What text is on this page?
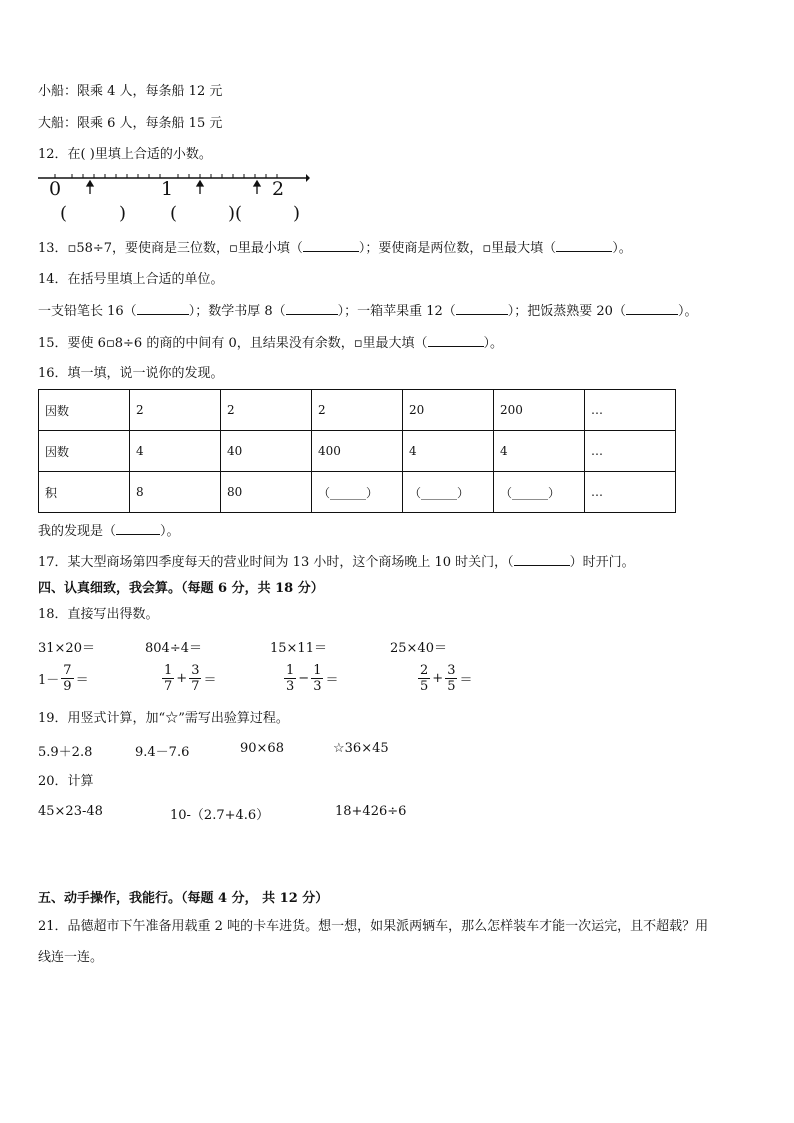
小船：限乘 4 人，每条船 12 元
大船：限乘 6 人，每条船 15 元
12．在( )里填上合适的小数。
0	1	2
(	) (	)(	)
13．▫58÷7，要使商是三位数，▫里最小填（	）；要使商是两位数，▫里最大填（	）。
14．在括号里填上合适的单位。
一支铅笔长 16（	）；数学书厚 8（	）；一箱苹果重 12（	）；把饭蒸熟要 20（	）。
15．要使 6▫8÷6 的商的中间有 0，且结果没有余数，▫里最大填（	）。
16．填一填，说一说你的发现。
因数	2	2	2	20	200	…
因数	4	40	400	4	4	…
积	8	80	（______）	（______）	（______）	…
我的发现是（	）。
17．某大型商场第四季度每天的营业时间为 13 小时，这个商场晚上 10 时关门，（	）时开门。
四、认真细致，我会算。（每题 6 分，共 18 分）
18．直接写出得数。
31×20＝	804÷4＝	15×11＝	25×40＝
$1- \frac{7}{9}$ ＝	$\frac{1}{7} + \frac{3}{7}$ ＝	$\frac{1}{3} - \frac{1}{3}$ ＝	$\frac{2}{5} + \frac{3}{5}$ ＝
19．用竖式计算，加“☆”需写出验算过程。
5.9＋2.8	9.4－7.6	90×68	☆36×45
20．计算
45×23-48	10-（2.7+4.6）	18+426÷6
五、动手操作，我能行。（每题 4 分， 共 12 分）
21．品德超市下午准备用载重 2 吨的卡车进货。想一想，如果派两辆车，那么怎样装车才能一次运完，且不超载？用
线连一连。
